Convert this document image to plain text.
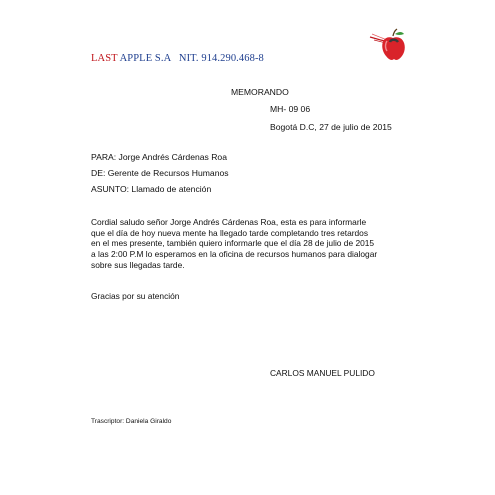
LAST APPLE S.A NIT. 914.290.468-8
MEMORANDO
MH- 09 06
Bogotá D.C, 27 de julio de 2015
PARA: Jorge Andrés Cárdenas Roa
DE: Gerente de Recursos Humanos
ASUNTO: Llamado de atención
Cordial saludo señor Jorge Andrés Cárdenas Roa, esta es para informarle
que el día de hoy nueva mente ha llegado tarde completando tres retardos
en el mes presente, también quiero informarle que el día 28 de julio de 2015
a las 2:00 P.M lo esperamos en la oficina de recursos humanos para dialogar
sobre sus llegadas tarde.
Gracias por su atención
CARLOS MANUEL PULIDO
Trascriptor: Daniela Giraldo
